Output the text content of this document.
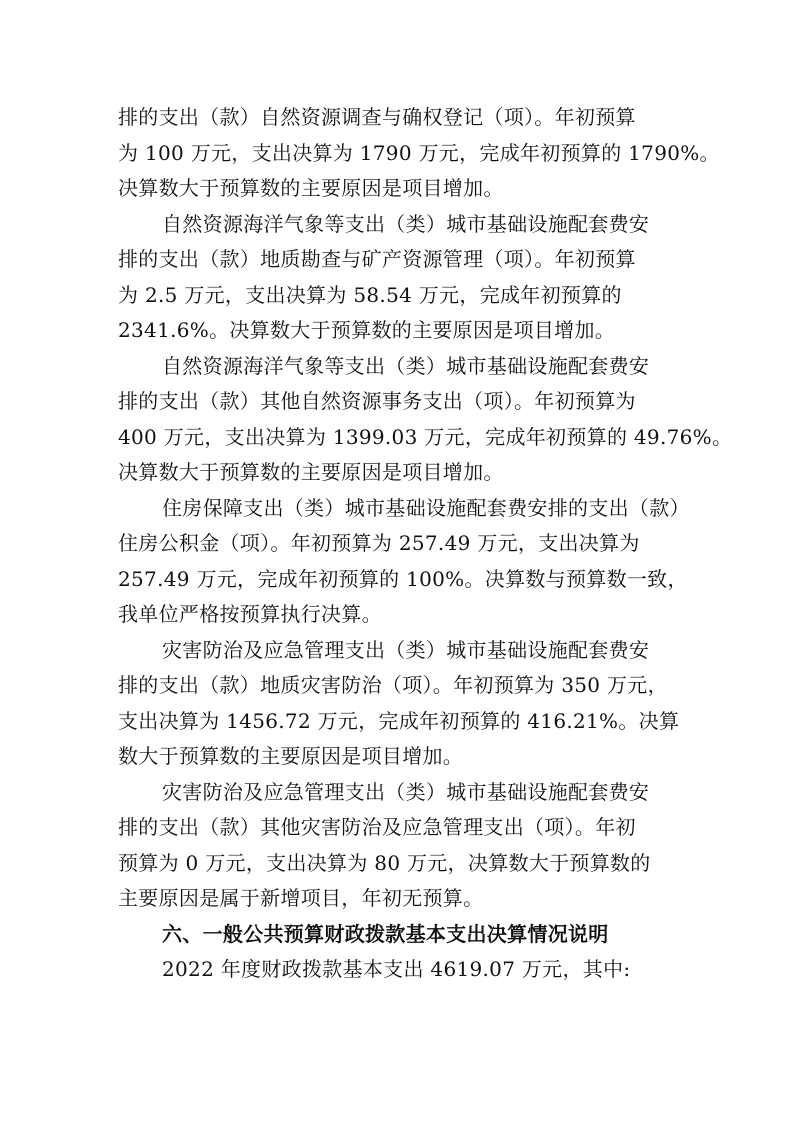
排的支出（款）自然资源调查与确权登记（项）。年初预算
为 100 万元，支出决算为 1790 万元，完成年初预算的 1790%。
决算数大于预算数的主要原因是项目增加。

自然资源海洋气象等支出（类）城市基础设施配套费安
排的支出（款）地质勘查与矿产资源管理（项）。年初预算
为 2.5 万元，支出决算为 58.54 万元，完成年初预算的
2341.6%。决算数大于预算数的主要原因是项目增加。

自然资源海洋气象等支出（类）城市基础设施配套费安
排的支出（款）其他自然资源事务支出（项）。年初预算为
400 万元，支出决算为 1399.03 万元，完成年初预算的 49.76%。
决算数大于预算数的主要原因是项目增加。

住房保障支出（类）城市基础设施配套费安排的支出（款）
住房公积金（项）。年初预算为 257.49 万元，支出决算为
257.49 万元，完成年初预算的 100%。决算数与预算数一致，
我单位严格按预算执行决算。

灾害防治及应急管理支出（类）城市基础设施配套费安
排的支出（款）地质灾害防治（项）。年初预算为 350 万元，
支出决算为 1456.72 万元，完成年初预算的 416.21%。决算
数大于预算数的主要原因是项目增加。

灾害防治及应急管理支出（类）城市基础设施配套费安
排的支出（款）其他灾害防治及应急管理支出（项）。年初
预算为 0 万元，支出决算为 80 万元，决算数大于预算数的
主要原因是属于新增项目，年初无预算。

六、一般公共预算财政拨款基本支出决算情况说明

2022 年度财政拨款基本支出 4619.07 万元，其中:
